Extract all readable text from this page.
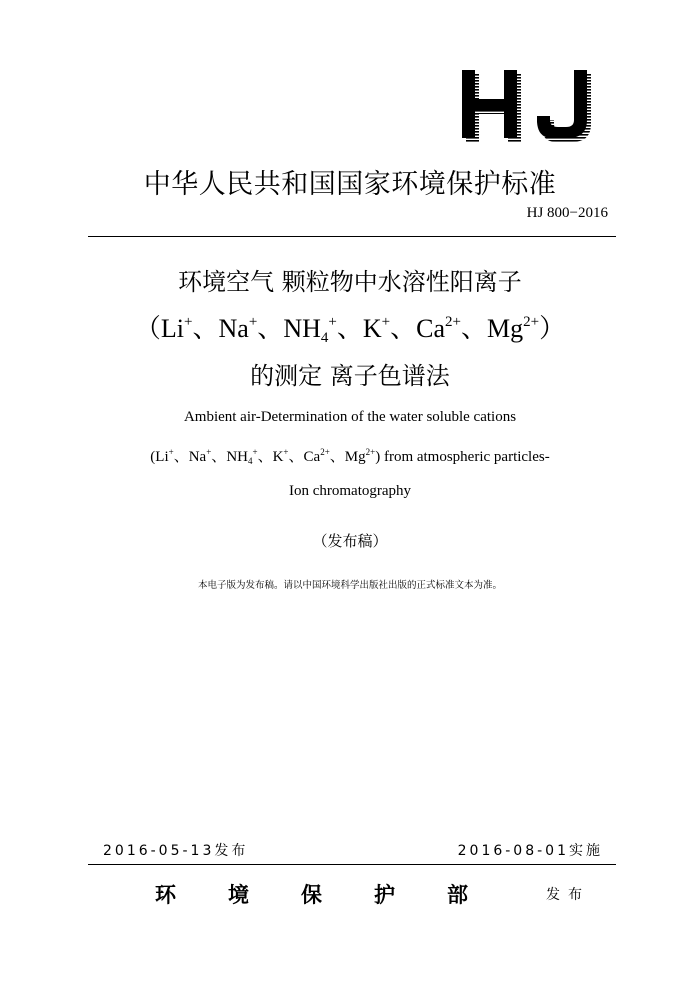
中华人民共和国国家环境保护标准
HJ 800−2016
环境空气 颗粒物中水溶性阳离子
（Li+、Na+、$NH_4^+$、K+、$Ca^{2+}$、$Mg^{2+}$）
的测定 离子色谱法
Ambient air-Determination of the water soluble cations
(Li+、Na+、$NH_4^+$、K+、$Ca^{2+}$、$Mg^{2+}$) from atmospheric particles-
Ion chromatography
（发布稿）
本电子版为发布稿。请以中国环境科学出版社出版的正式标准文本为准。
2016-05-13发布	2016-08-01实施
环境保护部 发布
